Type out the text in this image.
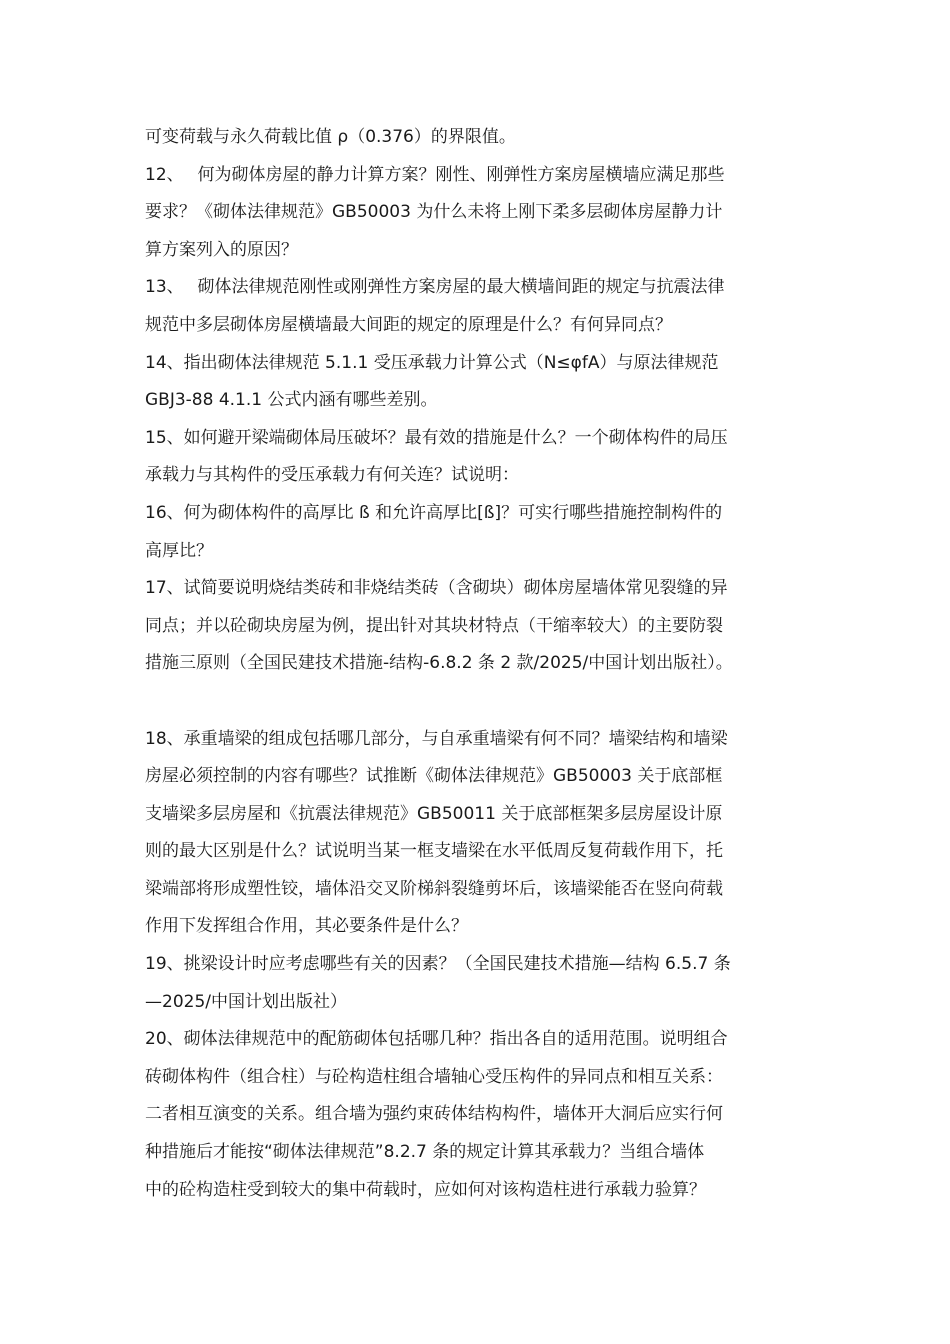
可变荷载与永久荷载比值 ρ（0.376）的界限值。

12、　 何为砌体房屋的静力计算方案？刚性、刚弹性方案房屋横墙应满足那些
要求？《砌体法律规范》GB50003 为什么未将上刚下柔多层砌体房屋静力计
算方案列入的原因？

13、　 砌体法律规范刚性或刚弹性方案房屋的最大横墙间距的规定与抗震法律
规范中多层砌体房屋横墙最大间距的规定的原理是什么？有何异同点？

14、指出砌体法律规范 5.1.1 受压承载力计算公式（N≤φfA）与原法律规范
GBJ3-88 4.1.1 公式内涵有哪些差别。

15、如何避开梁端砌体局压破坏？最有效的措施是什么？一个砌体构件的局压
承载力与其构件的受压承载力有何关连？试说明：

16、何为砌体构件的高厚比 ß 和允许高厚比[ß]？可实行哪些措施控制构件的
高厚比？

17、试简要说明烧结类砖和非烧结类砖（含砌块）砌体房屋墙体常见裂缝的异
同点；并以砼砌块房屋为例，提出针对其块材特点（干缩率较大）的主要防裂
措施三原则（全国民建技术措施-结构-6.8.2 条 2 款/2025/中国计划出版社）。

18、承重墙梁的组成包括哪几部分，与自承重墙梁有何不同？墙梁结构和墙梁
房屋必须控制的内容有哪些？试推断《砌体法律规范》GB50003 关于底部框
支墙梁多层房屋和《抗震法律规范》GB50011 关于底部框架多层房屋设计原
则的最大区别是什么？试说明当某一框支墙梁在水平低周反复荷载作用下，托
梁端部将形成塑性铰，墙体沿交叉阶梯斜裂缝剪坏后，该墙梁能否在竖向荷载
作用下发挥组合作用，其必要条件是什么？

19、挑梁设计时应考虑哪些有关的因素？（全国民建技术措施—结构 6.5.7 条
—2025/中国计划出版社）

20、砌体法律规范中的配筋砌体包括哪几种？指出各自的适用范围。说明组合
砖砌体构件（组合柱）与砼构造柱组合墙轴心受压构件的异同点和相互关系：
二者相互演变的关系。组合墙为强约束砖体结构构件，墙体开大洞后应实行何
种措施后才能按“砌体法律规范”8.2.7 条的规定计算其承载力？当组合墙体
中的砼构造柱受到较大的集中荷载时，应如何对该构造柱进行承载力验算？
